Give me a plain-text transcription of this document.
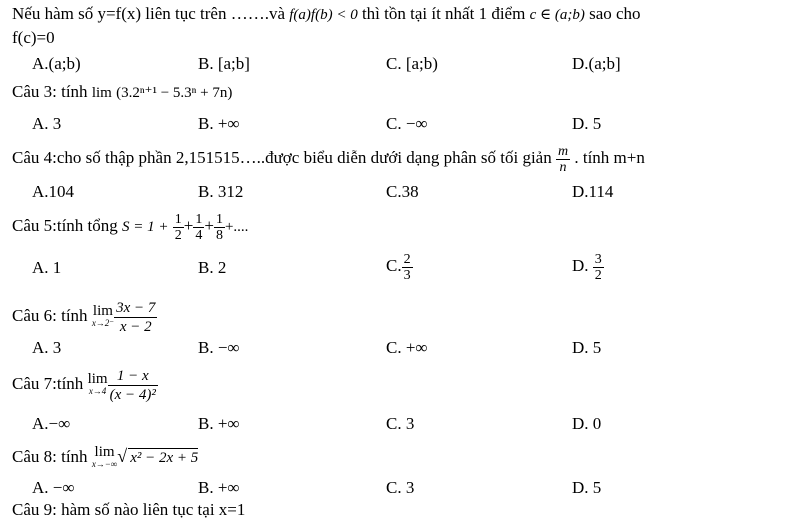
Nếu hàm số y=f(x) liên tục trên …….và f(a)f(b) < 0 thì tồn tại ít nhất 1 điểm c ∈ (a;b) sao cho
f(c)=0
A.(a;b)	B. [a;b]	C. [a;b)	D.(a;b]
Câu 3: tính lim (3.2ⁿ⁺¹ − 5.3ⁿ + 7n)
A. 3	B. +∞	C. −∞	D. 5
Câu 4:cho số thập phần 2,151515…..được biểu diễn dưới dạng phân số tối giản $\frac{m}{n}$ . tính m+n
A.104	B. 312	C.38	D.114
Câu 5:tính tổng $S = 1 + \frac{1}{2} + \frac{1}{4} + \frac{1}{8}$ +....
A. 1	B. 2	C. $\frac{2}{3}$	D. $\frac{3}{2}$
Câu 6: tính lim
$x\to 2^- \frac{3x - 7}{x - 2}$
A. 3	B. −∞	C. +∞	D. 5
Câu 7:tính lim
$x\to 4 \frac{1 - x}{\text{(x − 4)²}}$
A.−∞	B. +∞	C. 3	D. 0
Câu 8: tính lim
x→−∞ √ x² − 2x + 5
A. −∞	B. +∞	C. 3	D. 5
Câu 9: hàm số nào liên tục tại x=1
